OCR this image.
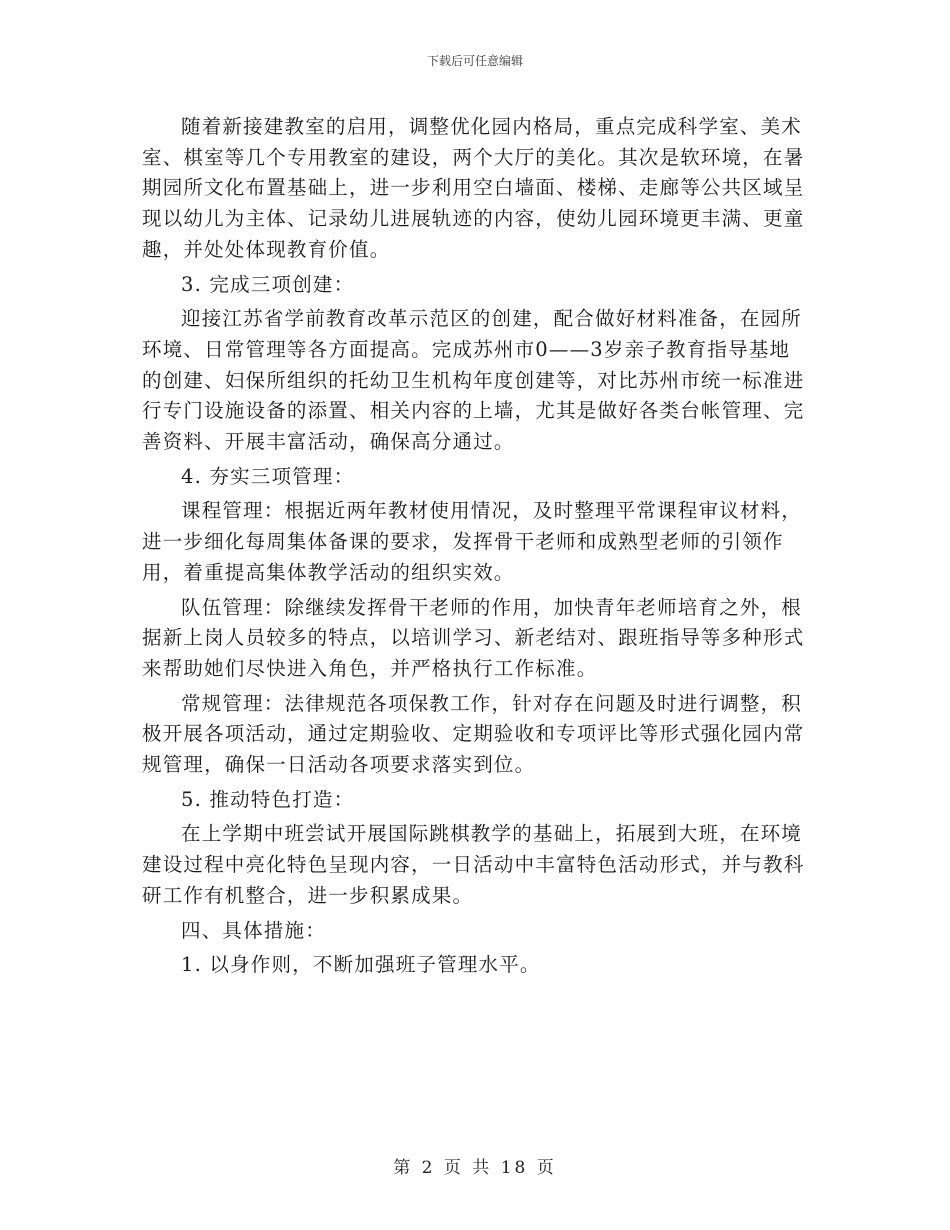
下载后可任意编辑

随着新接建教室的启用，调整优化园内格局，重点完成科学室、美术室、棋室等几个专用教室的建设，两个大厅的美化。其次是软环境，在暑期园所文化布置基础上，进一步利用空白墙面、楼梯、走廊等公共区域呈现以幼儿为主体、记录幼儿进展轨迹的内容，使幼儿园环境更丰满、更童趣，并处处体现教育价值。

3. 完成三项创建：

迎接江苏省学前教育改革示范区的创建，配合做好材料准备，在园所环境、日常管理等各方面提高。完成苏州市0——3岁亲子教育指导基地的创建、妇保所组织的托幼卫生机构年度创建等，对比苏州市统一标准进行专门设施设备的添置、相关内容的上墙，尤其是做好各类台帐管理、完善资料、开展丰富活动，确保高分通过。

4. 夯实三项管理：

课程管理：根据近两年教材使用情况，及时整理平常课程审议材料，进一步细化每周集体备课的要求，发挥骨干老师和成熟型老师的引领作用，着重提高集体教学活动的组织实效。

队伍管理：除继续发挥骨干老师的作用，加快青年老师培育之外，根据新上岗人员较多的特点，以培训学习、新老结对、跟班指导等多种形式来帮助她们尽快进入角色，并严格执行工作标准。

常规管理：法律规范各项保教工作，针对存在问题及时进行调整，积极开展各项活动，通过定期验收、定期验收和专项评比等形式强化园内常规管理，确保一日活动各项要求落实到位。

5. 推动特色打造：

在上学期中班尝试开展国际跳棋教学的基础上，拓展到大班，在环境建设过程中亮化特色呈现内容，一日活动中丰富特色活动形式，并与教科研工作有机整合，进一步积累成果。

四、具体措施：

1. 以身作则，不断加强班子管理水平。

第 2 页 共 18 页
